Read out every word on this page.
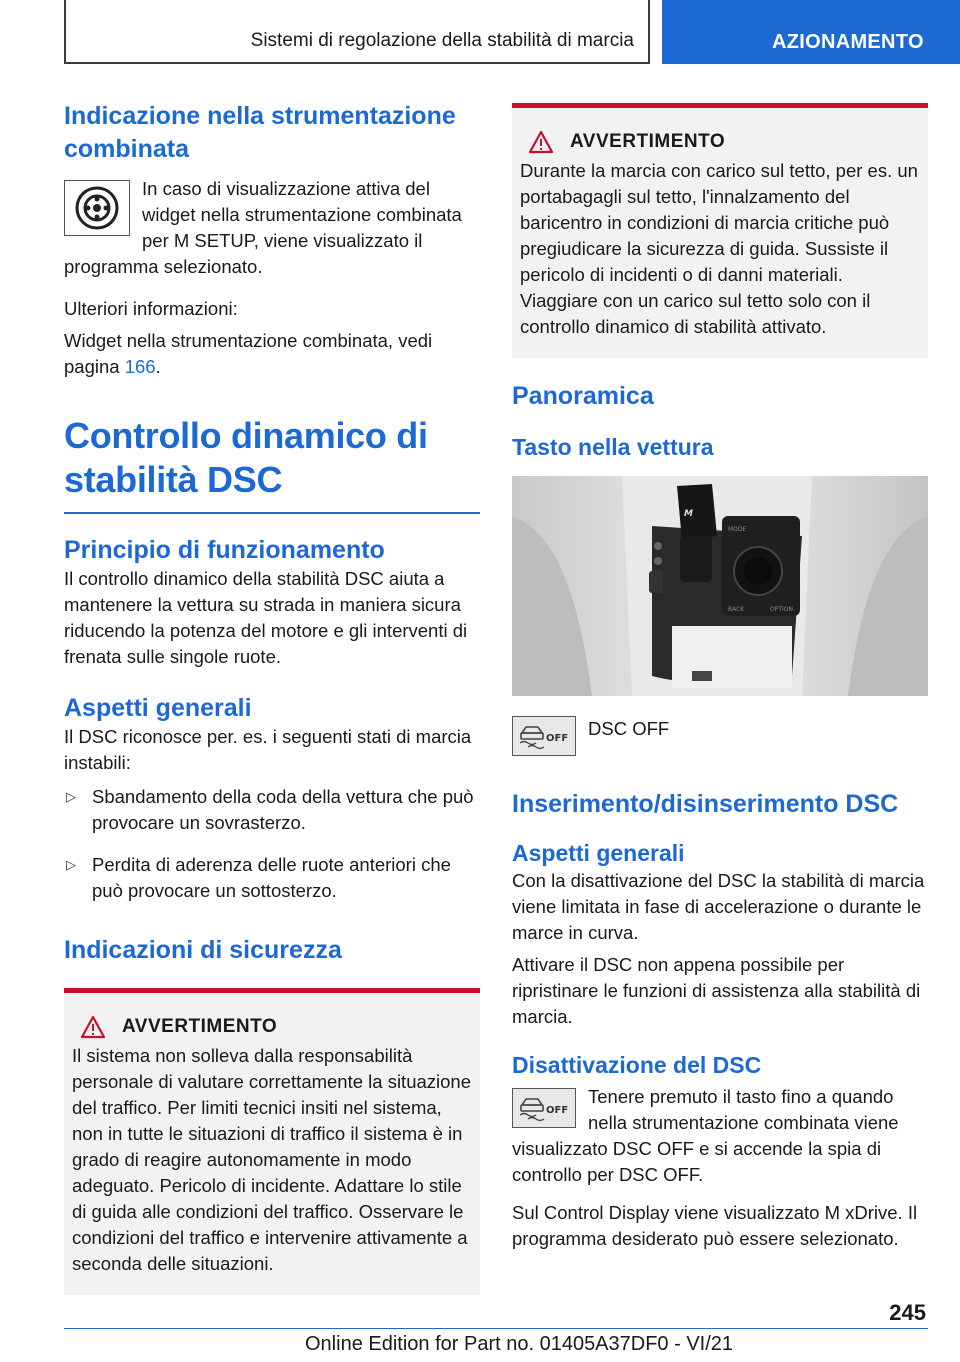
Sistemi di regolazione della stabilità di marcia	AZIONAMENTO
Indicazione nella strumentazione combinata

In caso di visualizzazione attiva del widget nella strumentazione combinata per M SETUP, viene visualizzato il programma selezionato.

Ulteriori informazioni:

Widget nella strumentazione combinata, vedi pagina 166.

Controllo dinamico di stabilità DSC
Principio di funzionamento

Il controllo dinamico della stabilità DSC aiuta a mantenere la vettura su strada in maniera sicura riducendo la potenza del motore e gli interventi di frenata sulle singole ruote.

Aspetti generali

Il DSC riconosce per. es. i seguenti stati di marcia instabili:

▷ Sbandamento della coda della vettura che può provocare un sovrasterzo.
▷ Perdita di aderenza delle ruote anteriori che può provocare un sottosterzo.
Indicazioni di sicurezza
AVVERTIMENTO

Il sistema non solleva dalla responsabilità personale di valutare correttamente la situazione del traffico. Per limiti tecnici insiti nel sistema, non in tutte le situazioni di traffico il sistema è in grado di reagire autonomamente in modo adeguato. Pericolo di incidente. Adattare lo stile di guida alle condizioni del traffico. Osservare le condizioni del traffico e intervenire attivamente a seconda delle situazioni.

AVVERTIMENTO

Durante la marcia con carico sul tetto, per es. un portabagagli sul tetto, l'innalzamento del baricentro in condizioni di marcia critiche può pregiudicare la sicurezza di guida. Sussiste il pericolo di incidenti o di danni materiali. Viaggiare con un carico sul tetto solo con il controllo dinamico di stabilità attivato.

Panoramica
Tasto nella vettura
M
MODE
BACK	OPTION
OFF DSC OFF

Inserimento/disinserimento DSC
Aspetti generali

Con la disattivazione del DSC la stabilità di marcia viene limitata in fase di accelerazione o durante le marce in curva.

Attivare il DSC non appena possibile per ripristinare le funzioni di assistenza alla stabilità di marcia.

Disattivazione del DSC
OFF

Tenere premuto il tasto fino a quando nella strumentazione combinata viene visualizzato DSC OFF e si accende la spia di controllo per DSC OFF.

Sul Control Display viene visualizzato M xDrive. Il programma desiderato può essere selezionato.

245
Online Edition for Part no. 01405A37DF0 - VI/21
